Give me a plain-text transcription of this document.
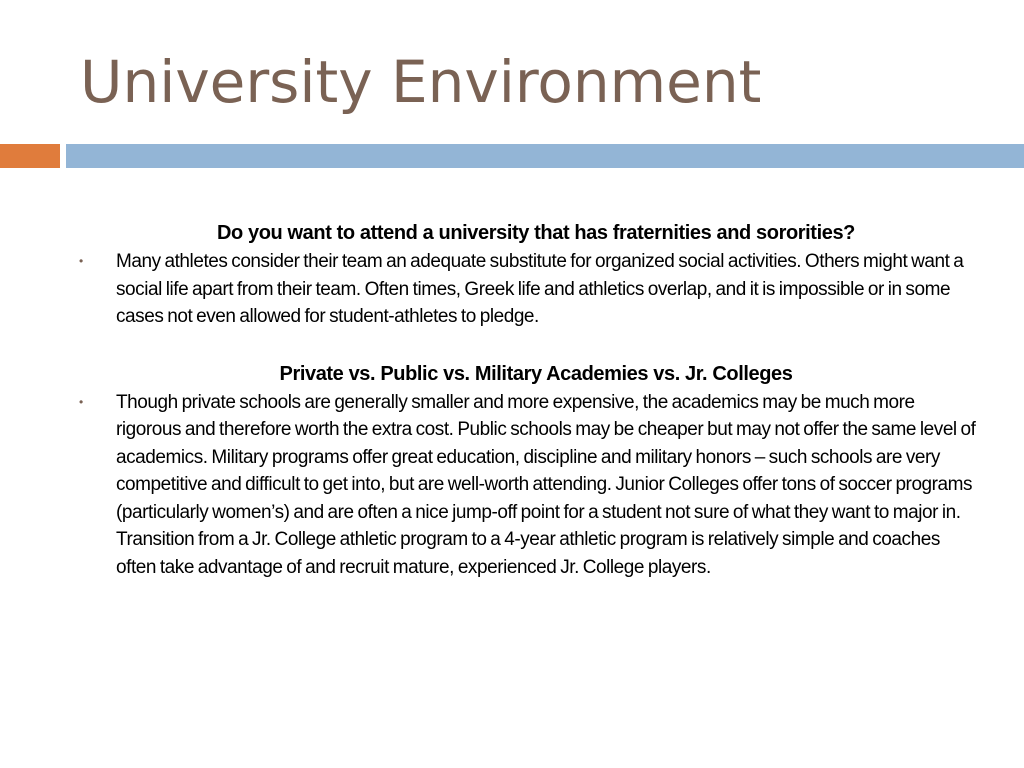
University Environment
Do you want to attend a university that has fraternities and sororities?
•	Many athletes consider their team an adequate substitute for organized social activities. Others might want a social life apart from their team. Often times, Greek life and athletics overlap, and it is impossible or in some cases not even allowed for student-athletes to pledge.
Private vs. Public vs. Military Academies vs. Jr. Colleges
•	Though private schools are generally smaller and more expensive, the academics may be much more rigorous and therefore worth the extra cost. Public schools may be cheaper but may not offer the same level of academics. Military programs offer great education, discipline and military honors – such schools are very competitive and difficult to get into, but are well-worth attending. Junior Colleges offer tons of soccer programs (particularly women’s) and are often a nice jump-off point for a student not sure of what they want to major in. Transition from a Jr. College athletic program to a 4-year athletic program is relatively simple and coaches often take advantage of and recruit mature, experienced Jr. College players.
